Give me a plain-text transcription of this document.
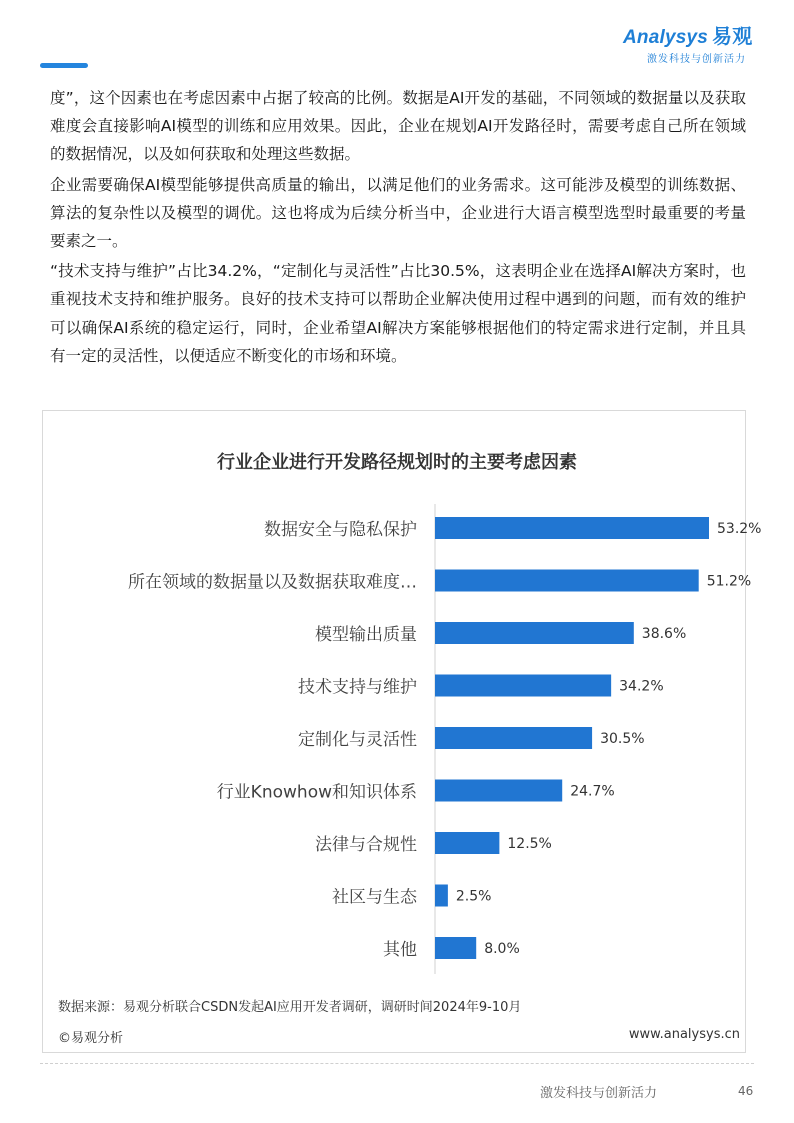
Analysys 易观
激发科技与创新活力

度”，这个因素也在考虑因素中占据了较高的比例。数据是AI开发的基础，不同领域的数据量以及获取难度会直接影响AI模型的训练和应用效果。因此，企业在规划AI开发路径时，需要考虑自己所在领域的数据情况，以及如何获取和处理这些数据。

企业需要确保AI模型能够提供高质量的输出，以满足他们的业务需求。这可能涉及模型的训练数据、算法的复杂性以及模型的调优。这也将成为后续分析当中，企业进行大语言模型选型时最重要的考量要素之一。

“技术支持与维护”占比34.2%，“定制化与灵活性”占比30.5%，这表明企业在选择AI解决方案时，也重视技术支持和维护服务。良好的技术支持可以帮助企业解决使用过程中遇到的问题，而有效的维护可以确保AI系统的稳定运行，同时，企业希望AI解决方案能够根据他们的特定需求进行定制，并且具有一定的灵活性，以便适应不断变化的市场和环境。

行业企业进行开发路径规划时的主要考虑因素
数据安全与隐私保护	53.2%
所在领域的数据量以及数据获取难度…	51.2%
模型输出质量	38.6%
技术支持与维护	34.2%
定制化与灵活性	30.5%
行业Knowhow和知识体系	24.7%
法律与合规性	12.5%
社区与生态	2.5%
其他	8.0%
数据来源：易观分析联合CSDN发起AI应用开发者调研，调研时间2024年9-10月
©易观分析	www.analysys.cn
激发科技与创新活力	46
